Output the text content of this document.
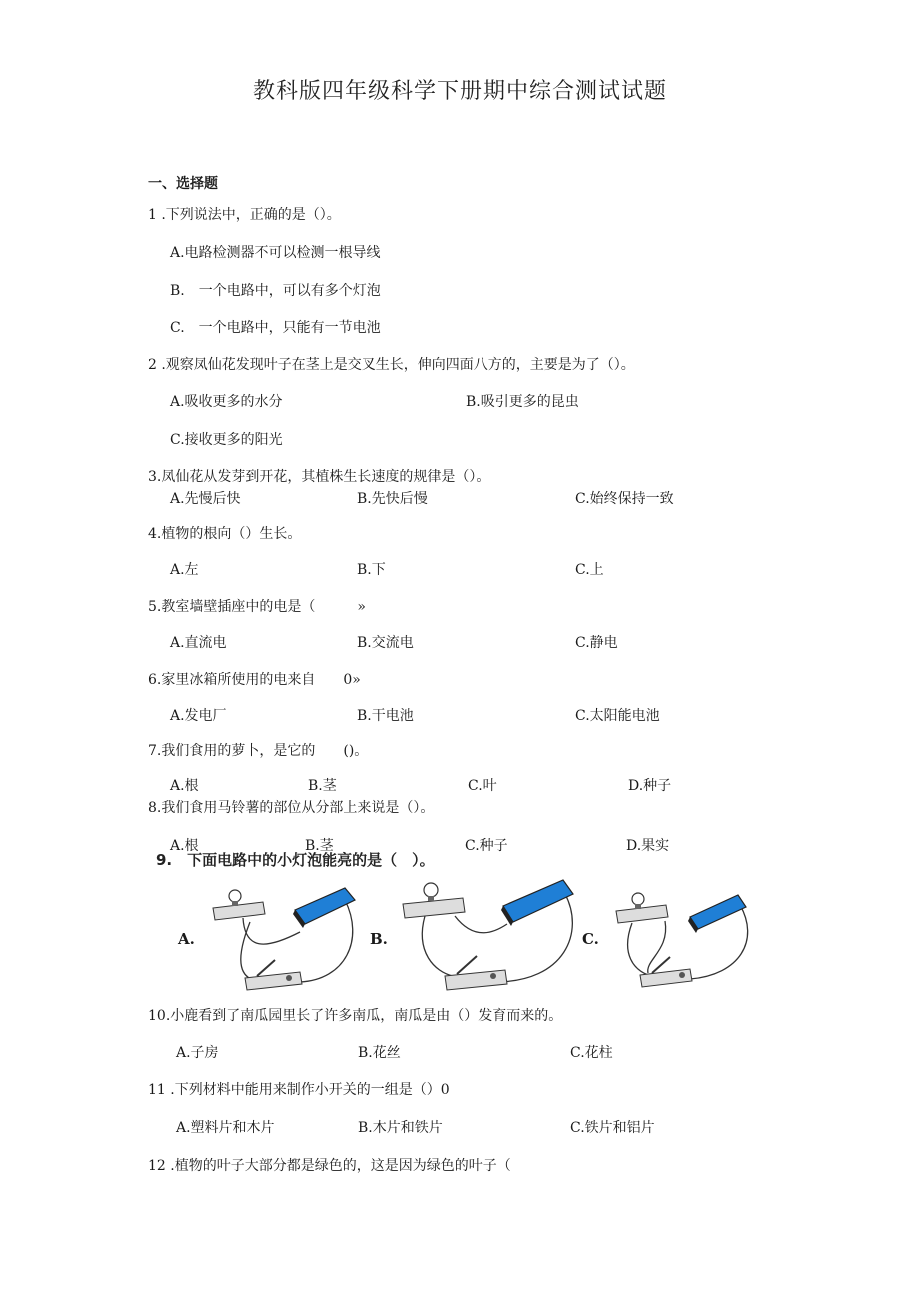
教科版四年级科学下册期中综合测试试题
一、选择题
1 .下列说法中，正确的是（）。
A.电路检测器不可以检测一根导线
B.　一个电路中，可以有多个灯泡
C.　一个电路中，只能有一节电池
2 .观察凤仙花发现叶子在茎上是交叉生长，伸向四面八方的，主要是为了（）。
A.吸收更多的水分	B.吸引更多的昆虫
C.接收更多的阳光
3.凤仙花从发芽到开花，其植株生长速度的规律是（）。
A.先慢后快	B.先快后慢	C.始终保持一致
4.植物的根向（）生长。
A.左	B.下	C.上
5.教室墙壁插座中的电是（　　　»
A.直流电	B.交流电	C.静电
6.家里冰箱所使用的电来自　　0»
A.发电厂	B.干电池	C.太阳能电池
7.我们食用的萝卜，是它的　　()。
A.根	B.茎	C.叶	D.种子
8.我们食用马铃薯的部位从分部上来说是（）。
A.根	B.茎	C.种子	D.果实
9.　下面电路中的小灯泡能亮的是（　）。
A.	B.	C.
10.小鹿看到了南瓜园里长了许多南瓜，南瓜是由（）发育而来的。
A.子房	B.花丝	C.花柱
11 .下列材料中能用来制作小开关的一组是（）0
A.塑料片和木片	B.木片和铁片	C.铁片和铝片
12 .植物的叶子大部分都是绿色的，这是因为绿色的叶子（
